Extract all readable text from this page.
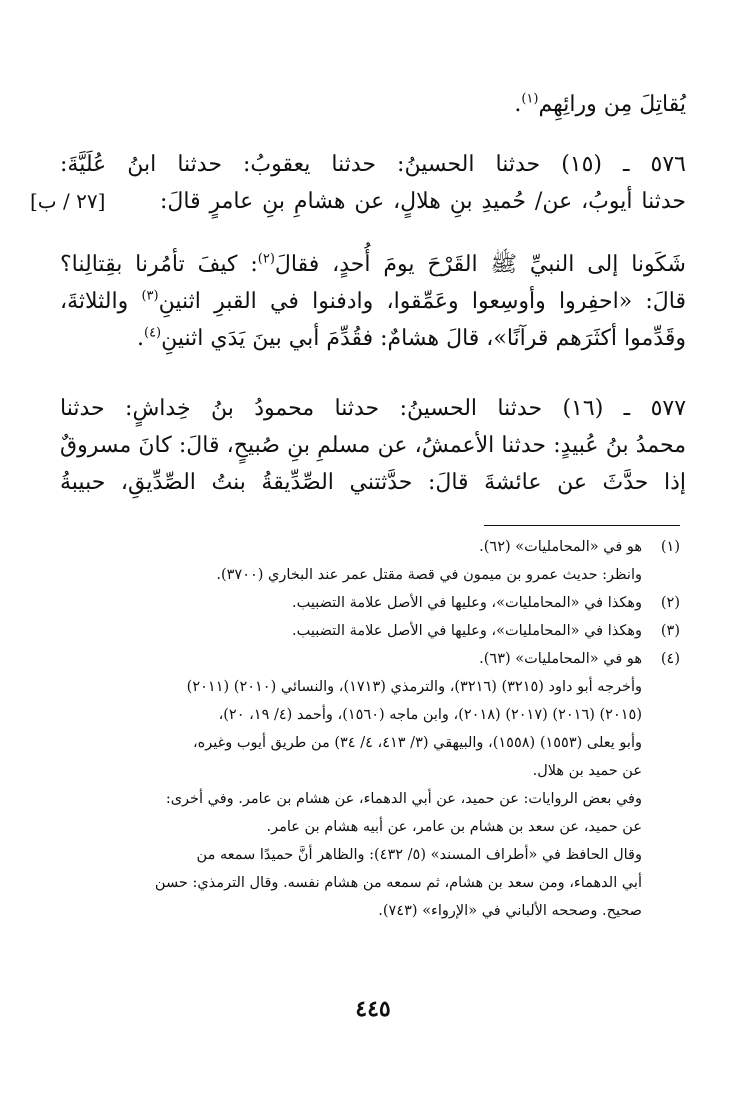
يُقاتِلَ مِن ورائِهِم$^{(١)}$.
٥٧٦ ـ (١٥) حدثنا الحسينُ: حدثنا يعقوبُ: حدثنا ابنُ عُلَيَّةَ:
حدثنا أيوبُ، عن/ حُميدِ بنِ هلالٍ، عن هشامِ بنِ عامرٍ قالَ:
[٢٧ / ب]
شَكَونا إلى النبيِّ ﷺ القَرْحَ يومَ أُحدٍ، فقالَ$^{(٢)}$: كيفَ تأمُرنا بقِتالِنا؟
قالَ: «احفِروا وأوسِعوا وعَمِّقوا، وادفنوا في القبرِ اثنينِ$^{(٣)}$ والثلاثةَ،
وقَدِّموا أكثَرَهم قرآنًا»، قالَ هشامٌ: فقُدِّمَ أبي بينَ يَدَي اثنينِ$^{(٤)}$.
٥٧٧ ـ (١٦) حدثنا الحسينُ: حدثنا محمودُ بنُ خِداشٍ: حدثنا
محمدُ بنُ عُبيدٍ: حدثنا الأعمشُ، عن مسلمِ بنِ صُبيحٍ، قالَ: كانَ مسروقٌ
إذا حدَّثَ عن عائشةَ قالَ: حدَّثتني الصِّدِّيقةُ بنتُ الصِّدِّيقِ، حبيبةُ
(١)
هو في «المحامليات» (٦٢).
وانظر: حديث عمرو بن ميمون في قصة مقتل عمر عند البخاري (٣٧٠٠).
(٢)
وهكذا في «المحامليات»، وعليها في الأصل علامة التضبيب.
(٣)
وهكذا في «المحامليات»، وعليها في الأصل علامة التضبيب.
(٤)
هو في «المحامليات» (٦٣).
وأخرجه أبو داود (٣٢١٥) (٣٢١٦)، والترمذي (١٧١٣)، والنسائي (٢٠١٠) (٢٠١١)
(٢٠١٥) (٢٠١٦) (٢٠١٧) (٢٠١٨)، وابن ماجه (١٥٦٠)، وأحمد (٤/ ١٩، ٢٠)،
وأبو يعلى (١٥٥٣) (١٥٥٨)، والبيهقي (٣/ ٤١٣، ٤/ ٣٤) من طريق أيوب وغيره،
عن حميد بن هلال.
وفي بعض الروايات: عن حميد، عن أبي الدهماء، عن هشام بن عامر. وفي أخرى:
عن حميد، عن سعد بن هشام بن عامر، عن أبيه هشام بن عامر.
وقال الحافظ في «أطراف المسند» (٥/ ٤٣٢): والظاهر أنَّ حميدًا سمعه من
أبي الدهماء، ومن سعد بن هشام، ثم سمعه من هشام نفسه. وقال الترمذي: حسن
صحيح. وصححه الألباني في «الإرواء» (٧٤٣).
٤٤٥
